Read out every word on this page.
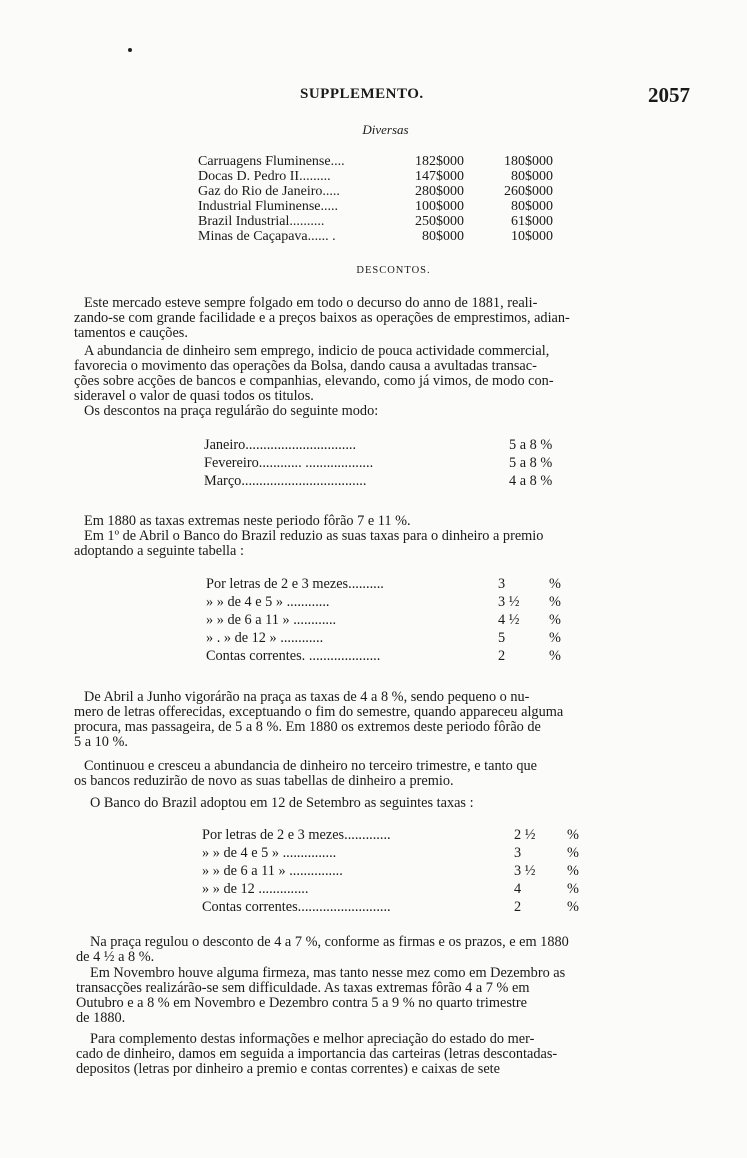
SUPPLEMENTO.	2057
Diversas
Carruagens Fluminense....	182$000	180$000
Docas D. Pedro II.........	147$000	80$000
Gaz do Rio de Janeiro.....	280$000	260$000
Industrial Fluminense.....	100$000	80$000
Brazil Industrial..........	250$000	61$000
Minas de Caçapava...... .	80$000	10$000
DESCONTOS.
Este mercado esteve sempre folgado em todo o decurso do anno de 1881, reali-
zando-se com grande facilidade e a preços baixos as operações de emprestimos, adian-
tamentos e cauções.
A abundancia de dinheiro sem emprego, indicio de pouca actividade commercial,
favorecia o movimento das operações da Bolsa, dando causa a avultadas transac-
ções sobre acções de bancos e companhias, elevando, como já vimos, de modo con-
sideravel o valor de quasi todos os titulos.
Os descontos na praça regulárão do seguinte modo:
Janeiro...............................	5 a 8 %
Fevereiro............ ...................	5 a 8 %
Março...................................	4 a 8 %
Em 1880 as taxas extremas neste periodo fôrão 7 e 11 %.
Em 1º de Abril o Banco do Brazil reduzio as suas taxas para o dinheiro a premio
adoptando a seguinte tabella :
Por letras de 2 e 3 mezes..........	3	%
» » de 4 e 5 » ............	3 ½ %
» » de 6 a 11 » ............	4 ½ %
» . » de 12 » ............	5	%
Contas correntes. ....................	2	%
De Abril a Junho vigorárão na praça as taxas de 4 a 8 %, sendo pequeno o nu-
mero de letras offerecidas, exceptuando o fim do semestre, quando appareceu alguma
procura, mas passageira, de 5 a 8 %. Em 1880 os extremos deste periodo fôrão de
5 a 10 %.
Continuou e cresceu a abundancia de dinheiro no terceiro trimestre, e tanto que
os bancos reduzirão de novo as suas tabellas de dinheiro a premio.
O Banco do Brazil adoptou em 12 de Setembro as seguintes taxas :
Por letras de 2 e 3 mezes.............	2 ½ %
» » de 4 e 5 » ...............	3	%
» » de 6 a 11 » ...............	3 ½ %
» » de 12 ..............	4	%
Contas correntes..........................	2	%
Na praça regulou o desconto de 4 a 7 %, conforme as firmas e os prazos, e em 1880
de 4 ½ a 8 %.
Em Novembro houve alguma firmeza, mas tanto nesse mez como em Dezembro as
transacções realizárão-se sem difficuldade. As taxas extremas fôrão 4 a 7 % em
Outubro e a 8 % em Novembro e Dezembro contra 5 a 9 % no quarto trimestre
de 1880.
Para complemento destas informações e melhor apreciação do estado do mer-
cado de dinheiro, damos em seguida a importancia das carteiras (letras descontadas-
depositos (letras por dinheiro a premio e contas correntes) e caixas de sete
